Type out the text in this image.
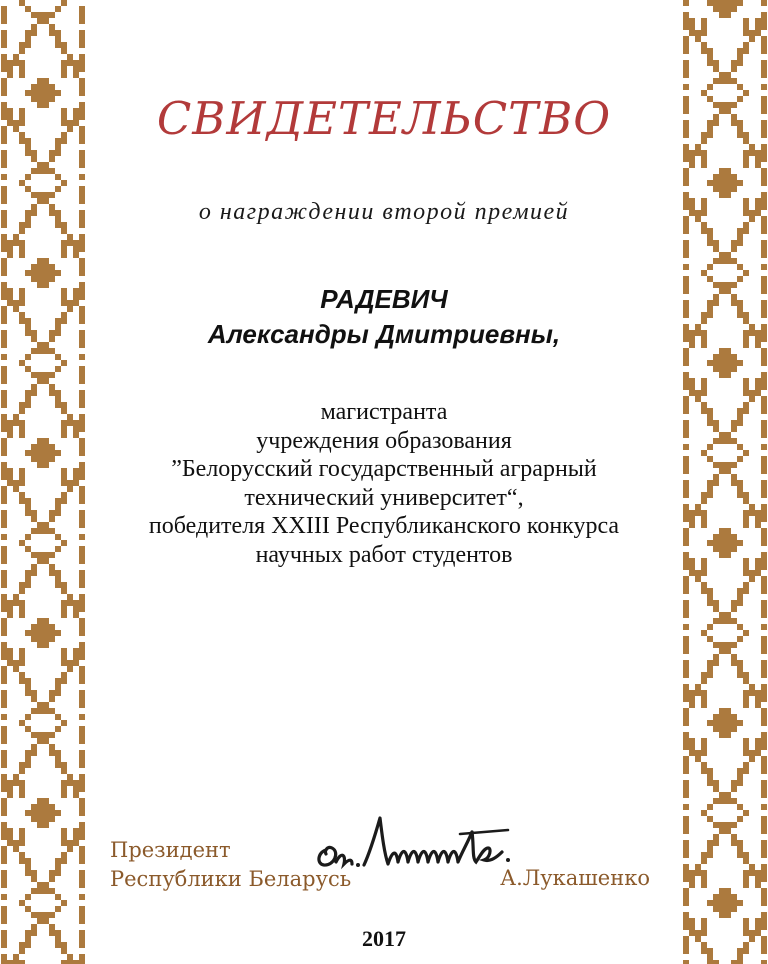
СВИДЕТЕЛЬСТВО
о награждении второй премией
РАДЕВИЧ
Александры Дмитриевны,
магистранта
учреждения образования
”Белорусский государственный аграрный
технический университет“,
победителя XXIII Республиканского конкурса
научных работ студентов
Президент
Республики Беларусь	А.Лукашенко
2017
